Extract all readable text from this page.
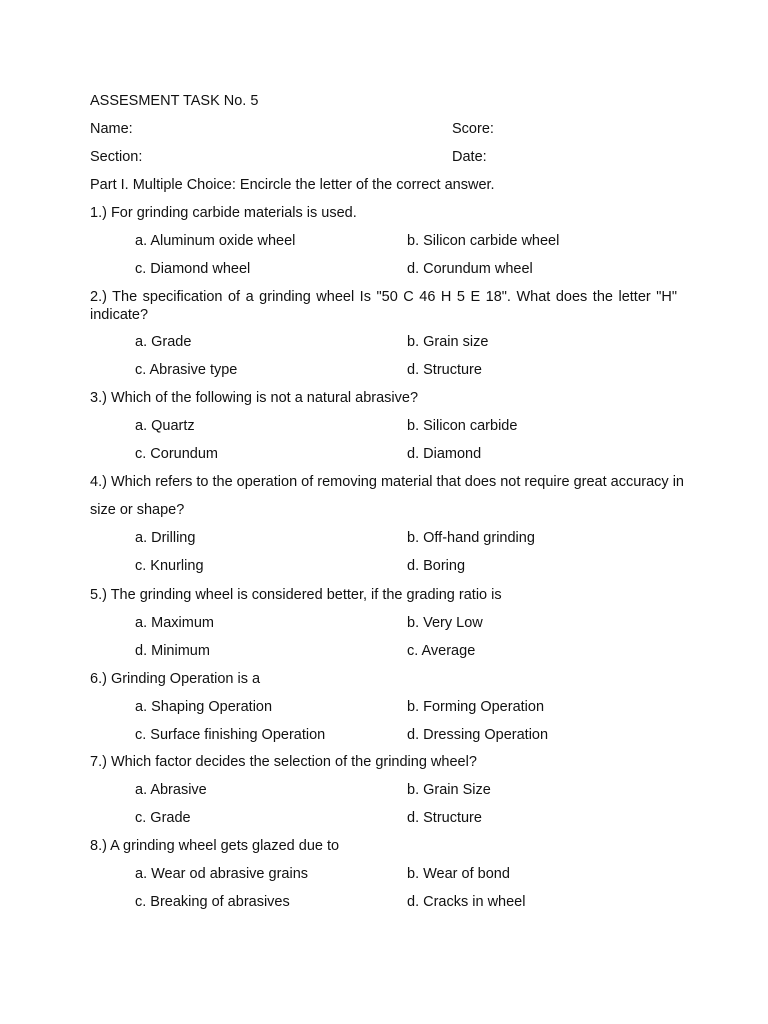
ASSESMENT TASK No. 5
Name:	Score:
Section:	Date:
Part I. Multiple Choice: Encircle the letter of the correct answer.
1.) For grinding carbide materials is used.
a. Aluminum oxide wheel	b. Silicon carbide wheel
c. Diamond wheel	d. Corundum wheel
2.) The specification of a grinding wheel Is "50 C 46 H 5 E 18". What does the letter "H" indicate?
a. Grade	b. Grain size
c. Abrasive type	d. Structure
3.) Which of the following is not a natural abrasive?
a. Quartz	b. Silicon carbide
c. Corundum	d. Diamond
4.) Which refers to the operation of removing material that does not require great accuracy in
size or shape?
a. Drilling	b. Off-hand grinding
c. Knurling	d. Boring
5.) The grinding wheel is considered better, if the grading ratio is
a. Maximum	b. Very Low
d. Minimum	c. Average
6.) Grinding Operation is a
a. Shaping Operation	b. Forming Operation
c. Surface finishing Operation	d. Dressing Operation
7.) Which factor decides the selection of the grinding wheel?
a. Abrasive	b. Grain Size
c. Grade	d. Structure
8.) A grinding wheel gets glazed due to
a. Wear od abrasive grains	b. Wear of bond
c. Breaking of abrasives	d. Cracks in wheel
